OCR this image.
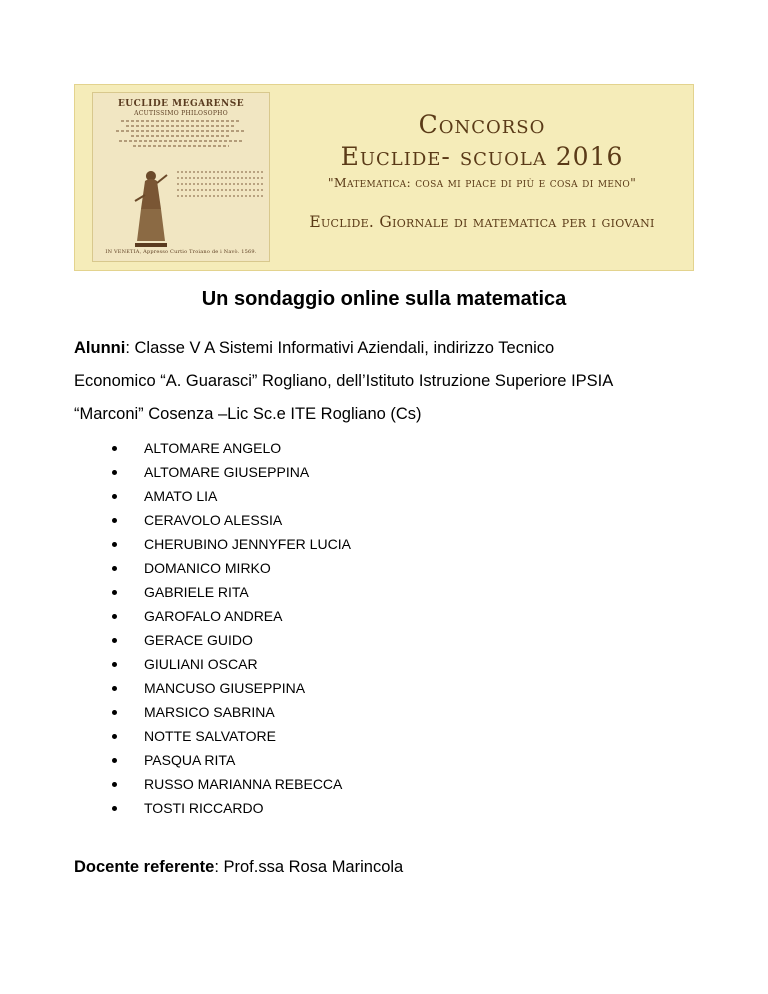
EUCLIDE MEGARENSE
ACUTISSIMO PHILOSOPHO
IN VENETIA, Appresso Curtio Troiano de i Navò. 1569.
Concorso
Euclide- scuola 2016
"Matematica: cosa mi piace di più e cosa di meno"
Euclide. Giornale di matematica per i giovani
Un sondaggio online sulla matematica
Alunni: Classe V A Sistemi Informativi Aziendali, indirizzo Tecnico
Economico “A. Guarasci” Rogliano, dell’Istituto Istruzione Superiore IPSIA
“Marconi” Cosenza –Lic Sc.e ITE Rogliano (Cs)
ALTOMARE ANGELO
ALTOMARE GIUSEPPINA
AMATO LIA
CERAVOLO ALESSIA
CHERUBINO JENNYFER LUCIA
DOMANICO MIRKO
GABRIELE RITA
GAROFALO ANDREA
GERACE GUIDO
GIULIANI OSCAR
MANCUSO GIUSEPPINA
MARSICO SABRINA
NOTTE SALVATORE
PASQUA RITA
RUSSO MARIANNA REBECCA
TOSTI RICCARDO
Docente referente: Prof.ssa Rosa Marincola
